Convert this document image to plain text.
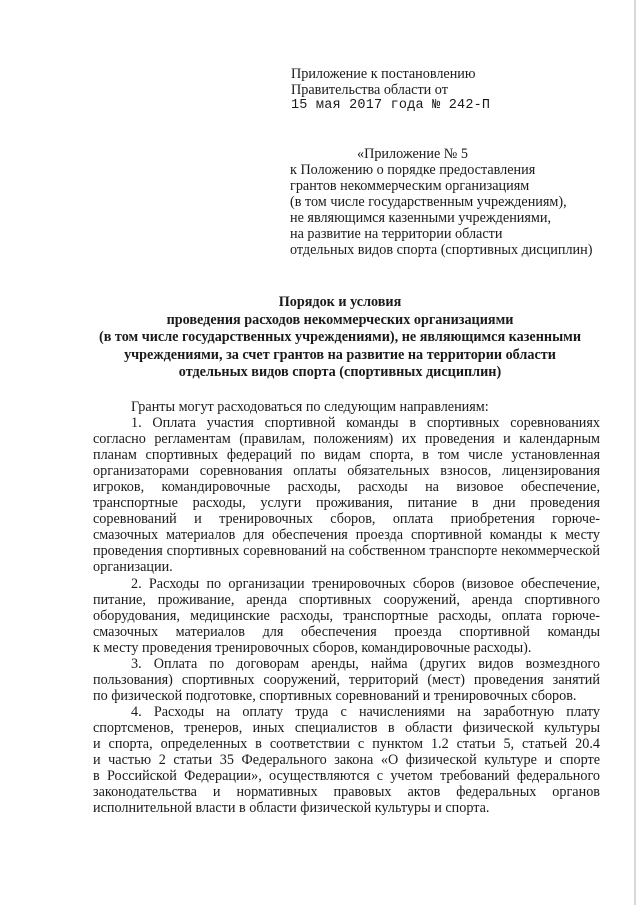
Приложение к постановлению
Правительства области от
15 мая 2017 года № 242-П
«Приложение № 5
к Положению о порядке предоставления
грантов некоммерческим организациям
(в том числе государственным учреждениям),
не являющимся казенными учреждениями,
на развитие на территории области
отдельных видов спорта (спортивных дисциплин)
Порядок и условия
проведения расходов некоммерческих организациями
(в том числе государственных учреждениями), не являющимся казенными
учреждениями, за счет грантов на развитие на территории области
отдельных видов спорта (спортивных дисциплин)
Гранты могут расходоваться по следующим направлениям:
1. Оплата участия спортивной команды в спортивных соревнованиях
согласно регламентам (правилам, положениям) их проведения и календарным
планам спортивных федераций по видам спорта, в том числе установленная
организаторами соревнования оплаты обязательных взносов, лицензирования
игроков, командировочные расходы, расходы на визовое обеспечение,
транспортные расходы, услуги проживания, питание в дни проведения
соревнований и тренировочных сборов, оплата приобретения горюче-
смазочных материалов для обеспечения проезда спортивной команды к месту
проведения спортивных соревнований на собственном транспорте некоммерческой
организации.
2. Расходы по организации тренировочных сборов (визовое обеспечение,
питание, проживание, аренда спортивных сооружений, аренда спортивного
оборудования, медицинские расходы, транспортные расходы, оплата горюче-
смазочных материалов для обеспечения проезда спортивной команды
к месту проведения тренировочных сборов, командировочные расходы).
3. Оплата по договорам аренды, найма (других видов возмездного
пользования) спортивных сооружений, территорий (мест) проведения занятий
по физической подготовке, спортивных соревнований и тренировочных сборов.
4. Расходы на оплату труда с начислениями на заработную плату
спортсменов, тренеров, иных специалистов в области физической культуры
и спорта, определенных в соответствии с пунктом 1.2 статьи 5, статьей 20.4
и частью 2 статьи 35 Федерального закона «О физической культуре и спорте
в Российской Федерации», осуществляются с учетом требований федерального
законодательства и нормативных правовых актов федеральных органов
исполнительной власти в области физической культуры и спорта.
